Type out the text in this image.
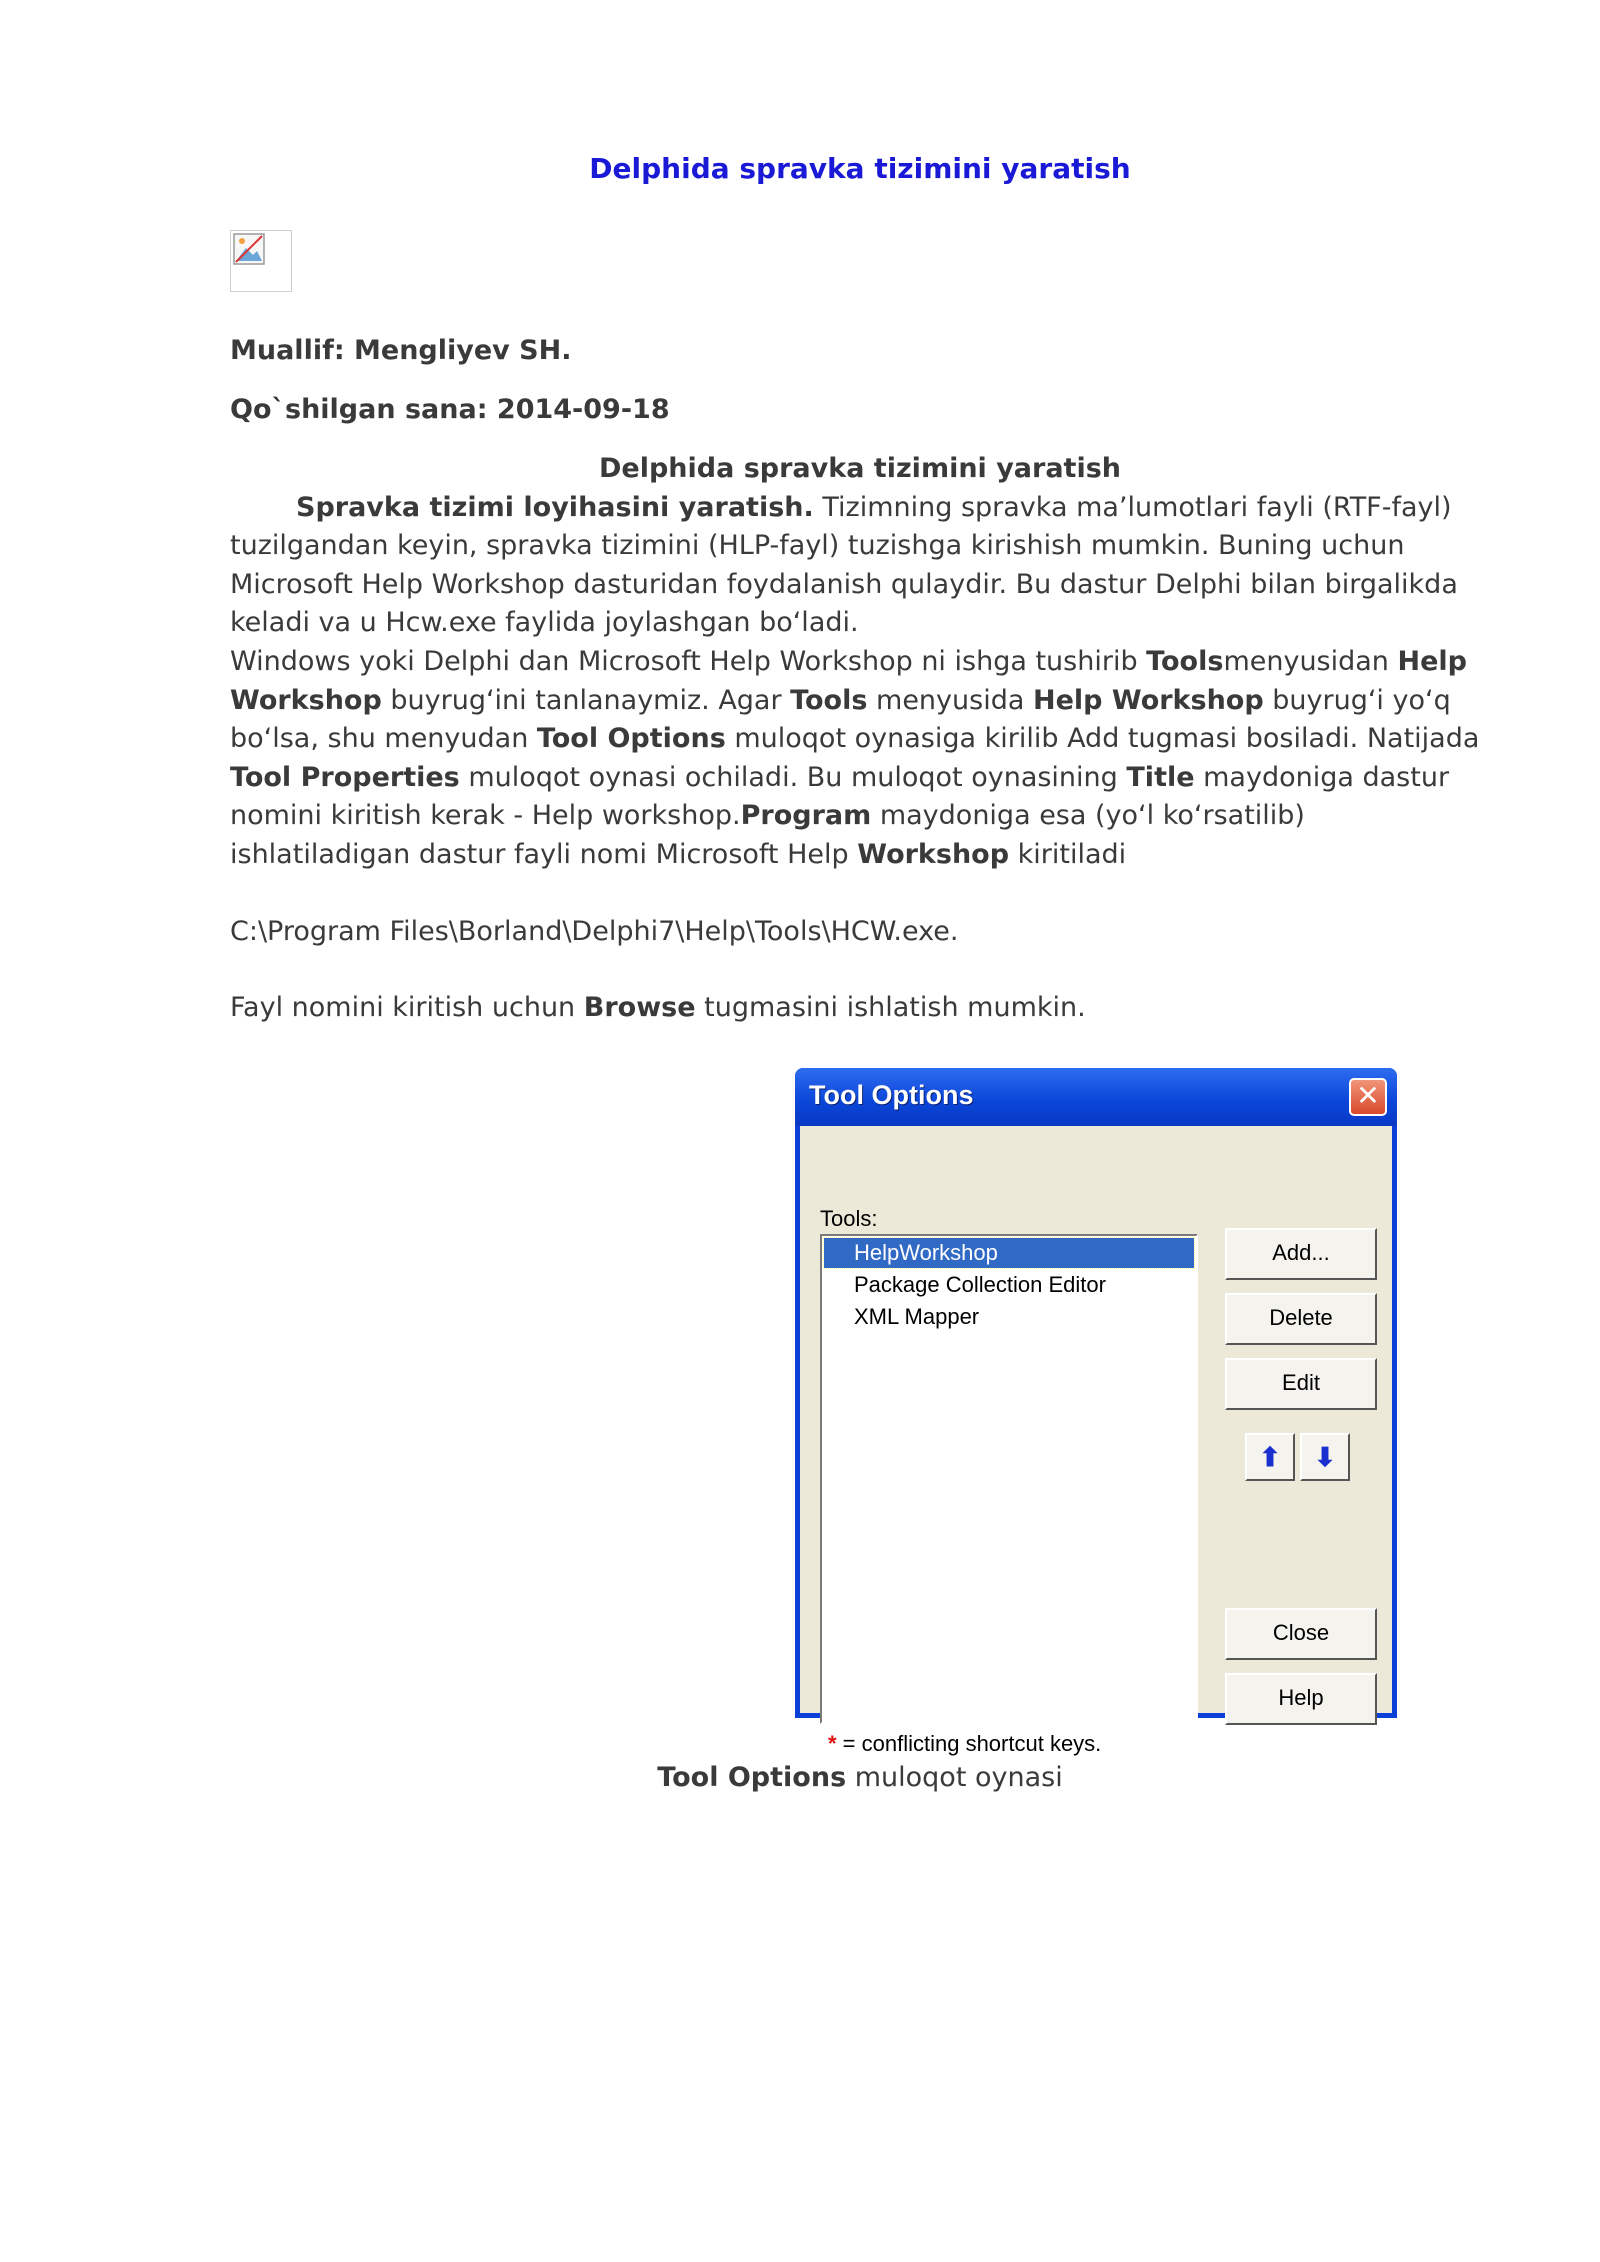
Delphida spravka tizimini yaratish
Muallif: Mengliyev SH.
Qo`shilgan sana: 2014-09-18

Delphida spravka tizimini yaratish

Spravka tizimi loyihasini yaratish. Tizimning spravka ma’lumotlari fayli (RTF-fayl) tuzilgandan keyin, spravka tizimini (HLP-fayl) tuzishga kirishish mumkin. Buning uchun Microsoft Help Workshop dasturidan foydalanish qulaydir. Bu dastur Delphi bilan birgalikda keladi va u Hcw.exe faylida joylashgan bo‘ladi.

Windows yoki Delphi dan Microsoft Help Workshop ni ishga tushirib Toolsmenyusidan Help Workshop buyrug‘ini tanlanaymiz. Agar Tools menyusida Help Workshop buyrug‘i yo‘q bo‘lsa, shu menyudan Tool Options muloqot oynasiga kirilib Add tugmasi bosiladi. Natijada Tool Properties muloqot oynasi ochiladi. Bu muloqot oynasining Title maydoniga dastur nomini kiritish kerak - Help workshop.Program maydoniga esa (yo‘l ko‘rsatilib) ishlatiladigan dastur fayli nomi Microsoft Help Workshop kiritiladi

C:\Program Files\Borland\Delphi7\Help\Tools\HCW.exe.

Fayl nomini kiritish uchun Browse tugmasini ishlatish mumkin.

Tool Options	✕
Tools:
HelpWorkshop
Package Collection Editor
XML Mapper
Add...
Delete
Edit
⬆	⬇
Close
Help
* = conflicting shortcut keys.
Tool Options muloqot oynasi
